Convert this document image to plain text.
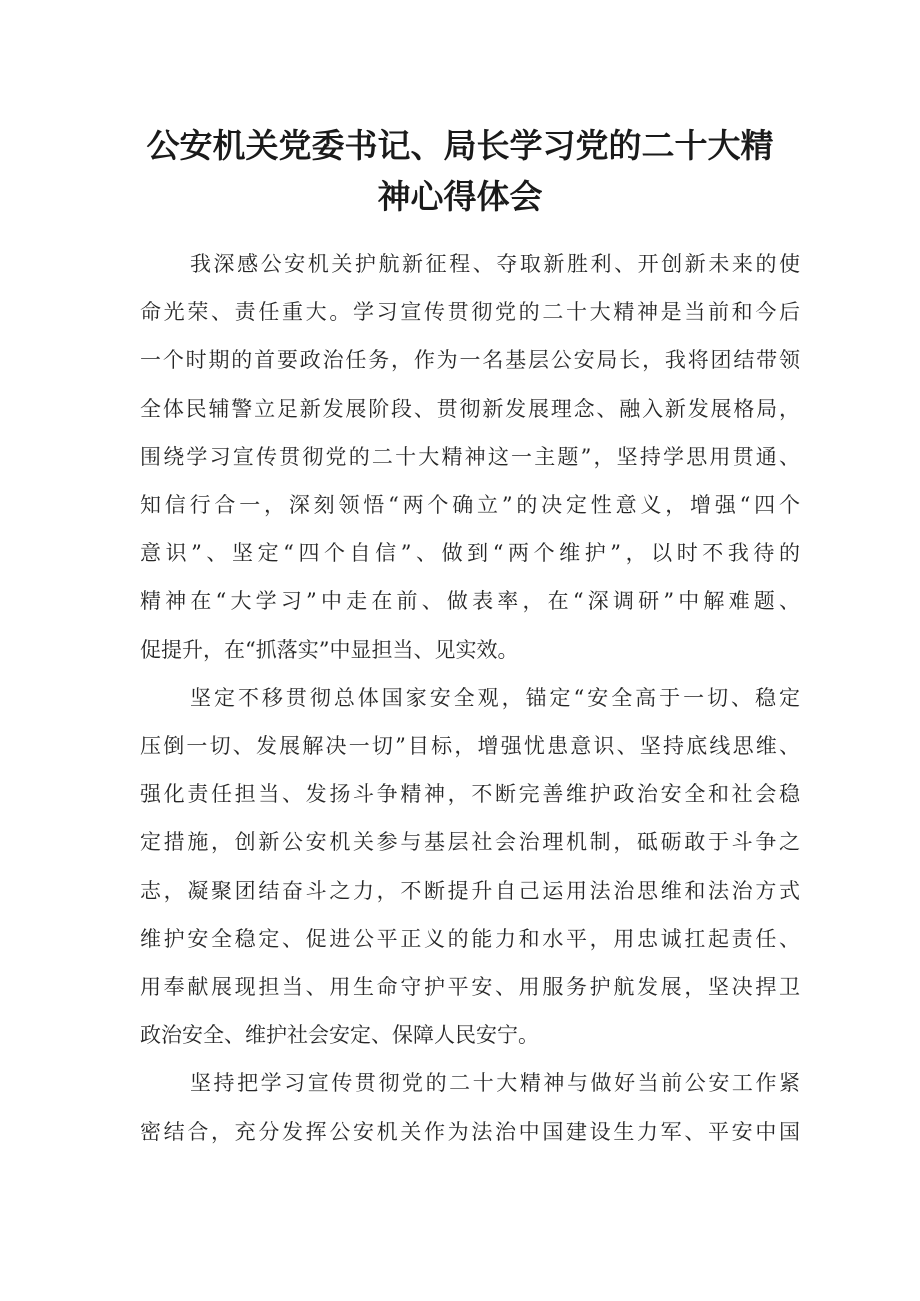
公安机关党委书记、局长学习党的二十大精
神心得体会

我深感公安机关护航新征程、夺取新胜利、开创新未来的使
命光荣、责任重大。学习宣传贯彻党的二十大精神是当前和今后
一个时期的首要政治任务，作为一名基层公安局长，我将团结带领
全体民辅警立足新发展阶段、贯彻新发展理念、融入新发展格局，
围绕学习宣传贯彻党的二十大精神这一主题”，坚持学思用贯通、
知信行合一，深刻领悟“两个确立”的决定性意义，增强“四个
意识”、坚定“四个自信”、做到“两个维护”，以时不我待的
精神在“大学习”中走在前、做表率，在“深调研”中解难题、
促提升，在“抓落实”中显担当、见实效。

坚定不移贯彻总体国家安全观，锚定“安全高于一切、稳定
压倒一切、发展解决一切”目标，增强忧患意识、坚持底线思维、
强化责任担当、发扬斗争精神，不断完善维护政治安全和社会稳
定措施，创新公安机关参与基层社会治理机制，砥砺敢于斗争之
志，凝聚团结奋斗之力，不断提升自己运用法治思维和法治方式
维护安全稳定、促进公平正义的能力和水平，用忠诚扛起责任、
用奉献展现担当、用生命守护平安、用服务护航发展，坚决捍卫
政治安全、维护社会安定、保障人民安宁。

坚持把学习宣传贯彻党的二十大精神与做好当前公安工作紧
密结合，充分发挥公安机关作为法治中国建设生力军、平安中国
